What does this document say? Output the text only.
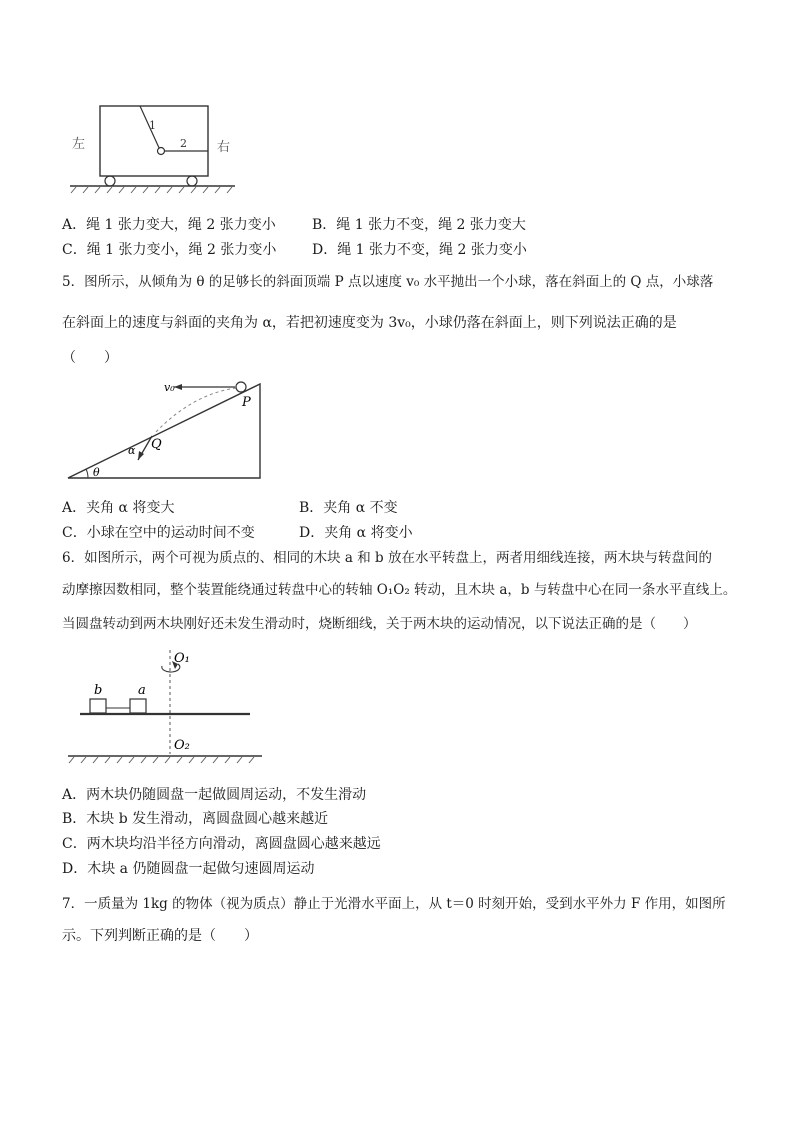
左	右
1
2
A．绳 1 张力变大，绳 2 张力变小	B．绳 1 张力不变，绳 2 张力变大
C．绳 1 张力变小，绳 2 张力变小	D．绳 1 张力不变，绳 2 张力变小
5．图所示，从倾角为 θ 的足够长的斜面顶端 P 点以速度 v₀ 水平抛出一个小球，落在斜面上的 Q 点，小球落
在斜面上的速度与斜面的夹角为 α，若把初速度变为 3v₀，小球仍落在斜面上，则下列说法正确的是
（　　）
v₀
P
Q
α
θ
A．夹角 α 将变大	B．夹角 α 不变
C．小球在空中的运动时间不变	D．夹角 α 将变小
6．如图所示，两个可视为质点的、相同的木块 a 和 b 放在水平转盘上，两者用细线连接，两木块与转盘间的
动摩擦因数相同，整个装置能绕通过转盘中心的转轴 O₁O₂ 转动，且木块 a，b 与转盘中心在同一条水平直线上。
当圆盘转动到两木块刚好还未发生滑动时，烧断细线，关于两木块的运动情况，以下说法正确的是（　　）
O₁
b	a
O₂
A．两木块仍随圆盘一起做圆周运动，不发生滑动
B．木块 b 发生滑动，离圆盘圆心越来越近
C．两木块均沿半径方向滑动，离圆盘圆心越来越远
D．木块 a 仍随圆盘一起做匀速圆周运动
7．一质量为 1kg 的物体（视为质点）静止于光滑水平面上，从 t＝0 时刻开始，受到水平外力 F 作用，如图所
示。下列判断正确的是（　　）
